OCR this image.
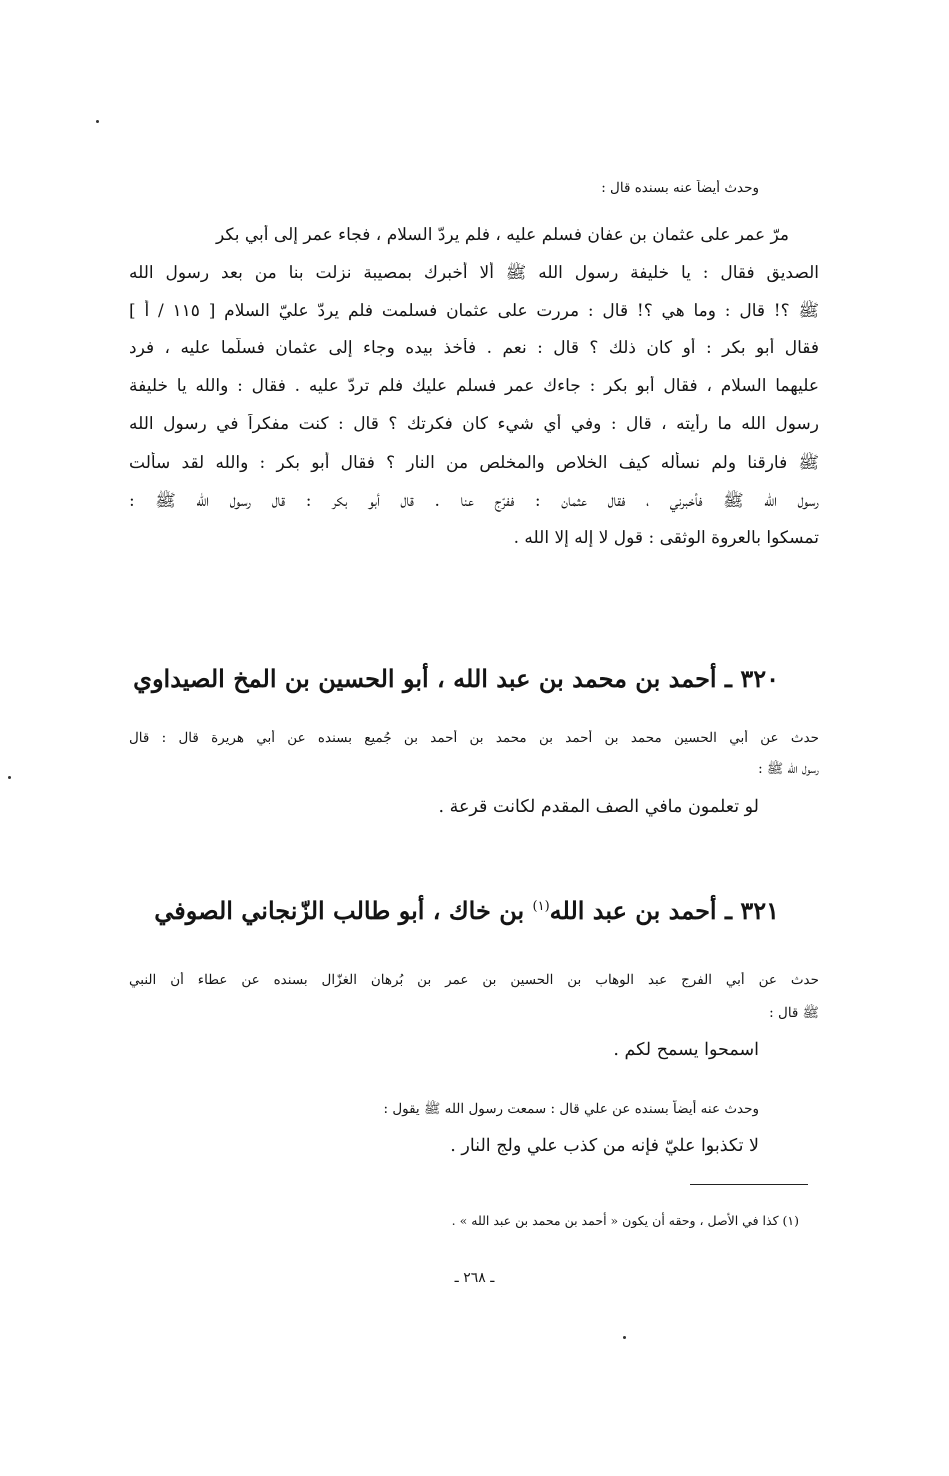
وحدث أيضاً عنه بسنده قال :
مرّ عمر على عثمان بن عفان فسلم عليه ، فلم يردّ السلام ، فجاء عمر إلى أبي بكر
الصديق فقال : يا خليفة رسول الله ﷺ ألا أخبرك بمصيبة نزلت بنا من بعد رسول الله
ﷺ ؟! قال : وما هي ؟! قال : مررت على عثمان فسلمت فلم يردّ عليّ السلام [ ١١٥ / أ ]
فقال أبو بكر : أو كان ذلك ؟ قال : نعم . فأخذ بيده وجاء إلى عثمان فسلّما عليه ، فرد
عليهما السلام ، فقال أبو بكر : جاءك عمر فسلم عليك فلم تردّ عليه . فقال : والله يا خليفة
رسول الله ما رأيته ، قال : وفي أي شيء كان فكرتك ؟ قال : كنت مفكراً في رسول الله
ﷺ فارقنا ولم نسأله كيف الخلاص والمخلص من النار ؟ فقال أبو بكر : والله لقد سألت
رسول الله ﷺ فأخبرني ، فقال عثمان : ففرّج عنا . قال أبو بكر : قال رسول الله ﷺ :
تمسكوا بالعروة الوثقى : قول لا إله إلا الله .
٣٢٠ ـ أحمد بن محمد بن عبد الله ، أبو الحسين بن المخ الصيداوي
حدث عن أبي الحسين محمد بن أحمد بن محمد بن أحمد بن جُميع بسنده عن أبي هريرة قال : قال
رسول الله ﷺ :
لو تعلمون مافي الصف المقدم لكانت قرعة .
٣٢١ ـ أحمد بن عبد الله$^{(١)}$ بن خاك ، أبو طالب الزّنجاني الصوفي
حدث عن أبي الفرج عبد الوهاب بن الحسين بن عمر بن بُرهان الغزّال بسنده عن عطاء أن النبي
ﷺ قال :
اسمحوا يسمح لكم .
وحدث عنه أيضاً بسنده عن علي قال : سمعت رسول الله ﷺ يقول :
لا تكذبوا عليّ فإنه من كذب علي ولج النار .
(١) كذا في الأصل ، وحقه أن يكون « أحمد بن محمد بن عبد الله » .
ـ ٢٦٨ ـ
